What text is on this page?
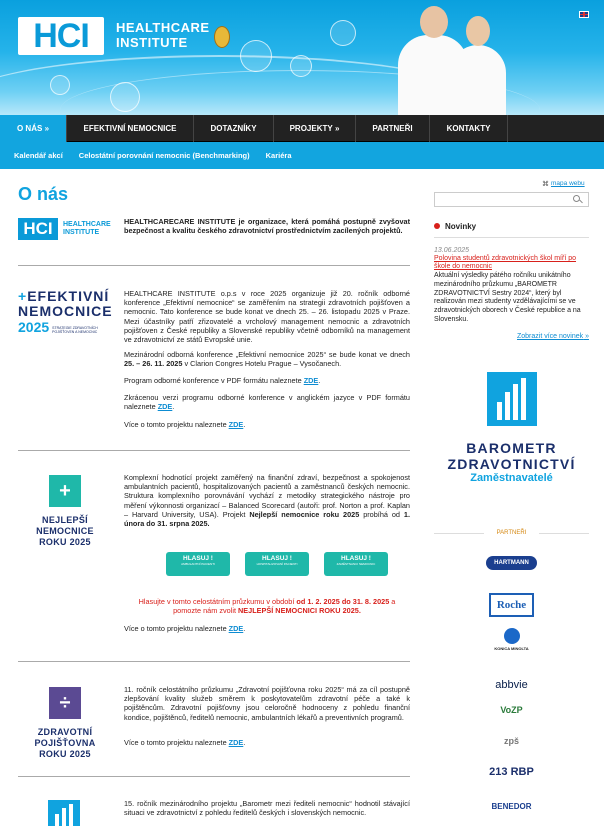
HCI HEALTHCARE
INSTITUTE
O NÁS
»	EFEKTIVNÍ NEMOCNICE	DOTAZNÍKY	PROJEKTY
»	PARTNEŘI	KONTAKTY
Kalendář akcí Celostátní porovnání nemocnic (Benchmarking) Kariéra
O nás
HCI	HEALTHCARE
INSTITUTE
HEALTHCARECARE INSTITUTE je organizace, která pomáhá postupně zvyšovat bezpečnost a kvalitu českého zdravotnictví prostřednictvím zacílených projektů.
+EFEKTIVNÍ
NEMOCNICE
2025 STRATEGIE ZDRAVOTNÍCH POJIŠŤOVEN A NEMOCNIC
HEALTHCARE INSTITUTE o.p.s v roce 2025 organizuje již 20. ročník odborné konference „Efektivní nemocnice“ se zaměřením na strategii zdravotních pojišťoven a nemocnic. Tato konference se bude konat ve dnech 25. – 26. listopadu 2025 v Praze. Mezi účastníky patří zřizovatelé a vrcholový management nemocnic a zdravotních pojišťoven z České republiky a Slovenské republiky včetně odborníků na management ve zdravotnictví ze států Evropské unie.
Mezinárodní odborná konference „Efektivní nemocnice 2025“ se bude konat ve dnech 25. – 26. 11. 2025 v Clarion Congres Hotelu Prague – Vysočanech.
Program odborné konference v PDF formátu naleznete ZDE.
Zkrácenou verzi programu odborné konference v anglickém jazyce v PDF formátu naleznete ZDE.
Více o tomto projektu naleznete ZDE.
+
NEJLEPŠÍ
NEMOCNICE
ROKU 2025
Komplexní hodnotící projekt zaměřený na finanční zdraví, bezpečnost a spokojenost ambulantních pacientů, hospitalizovaných pacientů a zaměstnanců českých nemocnic. Struktura komplexního porovnávání vychází z metodiky strategického nástroje pro měření výkonnosti organizací – Balanced Scorecard (autoři: prof. Norton a prof. Kaplan – Harvard University, USA). Projekt Nejlepší nemocnice roku 2025 probíhá od 1. února do 31. srpna 2025.
HLASUJ !
AMBULANTNÍ PACIENTI
HLASUJ !
HOSPITALIZOVANÍ PACIENTI
HLASUJ !
ZAMĚSTNANCI NEMOCNIC
Hlasujte v tomto celostátním průzkumu v období od 1. 2. 2025 do 31. 8. 2025 a pomozte nám zvolit NEJLEPŠÍ NEMOCNICI ROKU 2025.
Více o tomto projektu naleznete ZDE.
÷
ZDRAVOTNÍ
POJIŠŤOVNA
ROKU 2025
11. ročník celostátního průzkumu „Zdravotní pojišťovna roku 2025“ má za cíl postupně zlepšování kvality služeb směrem k poskytovatelům zdravotní péče a také k pojištěncům. Zdravotní pojišťovny jsou celoročně hodnoceny z pohledu finanční kondice, pojištěnců, ředitelů nemocnic, ambulantních lékařů a preventivních programů.
Více o tomto projektu naleznete ZDE.
15. ročník mezinárodního projektu „Barometr mezi řediteli nemocnic“ hodnotil stávající situaci ve zdravotnictví z pohledu ředitelů českých i slovenských nemocnic.
mapa webu
⌘
Novinky
13.06.2025
Polovina studentů zdravotnických škol míří po škole do nemocnic
Aktuální výsledky pátého ročníku unikátního mezinárodního průzkumu „BAROMETR ZDRAVOTNICTVÍ Sestry 2024“, který byl realizován mezi studenty vzdělávajícími se ve zdravotnických oborech v České republice a na Slovensku.
Zobrazit více novinek »
BAROMETR
ZDRAVOTNICTVÍ
Zaměstnavatelé
PARTNEŘI
HARTMANN
Roche
KONICA MINOLTA
abbvie
VoZP
zpš
213 RBP
BENEDOR
